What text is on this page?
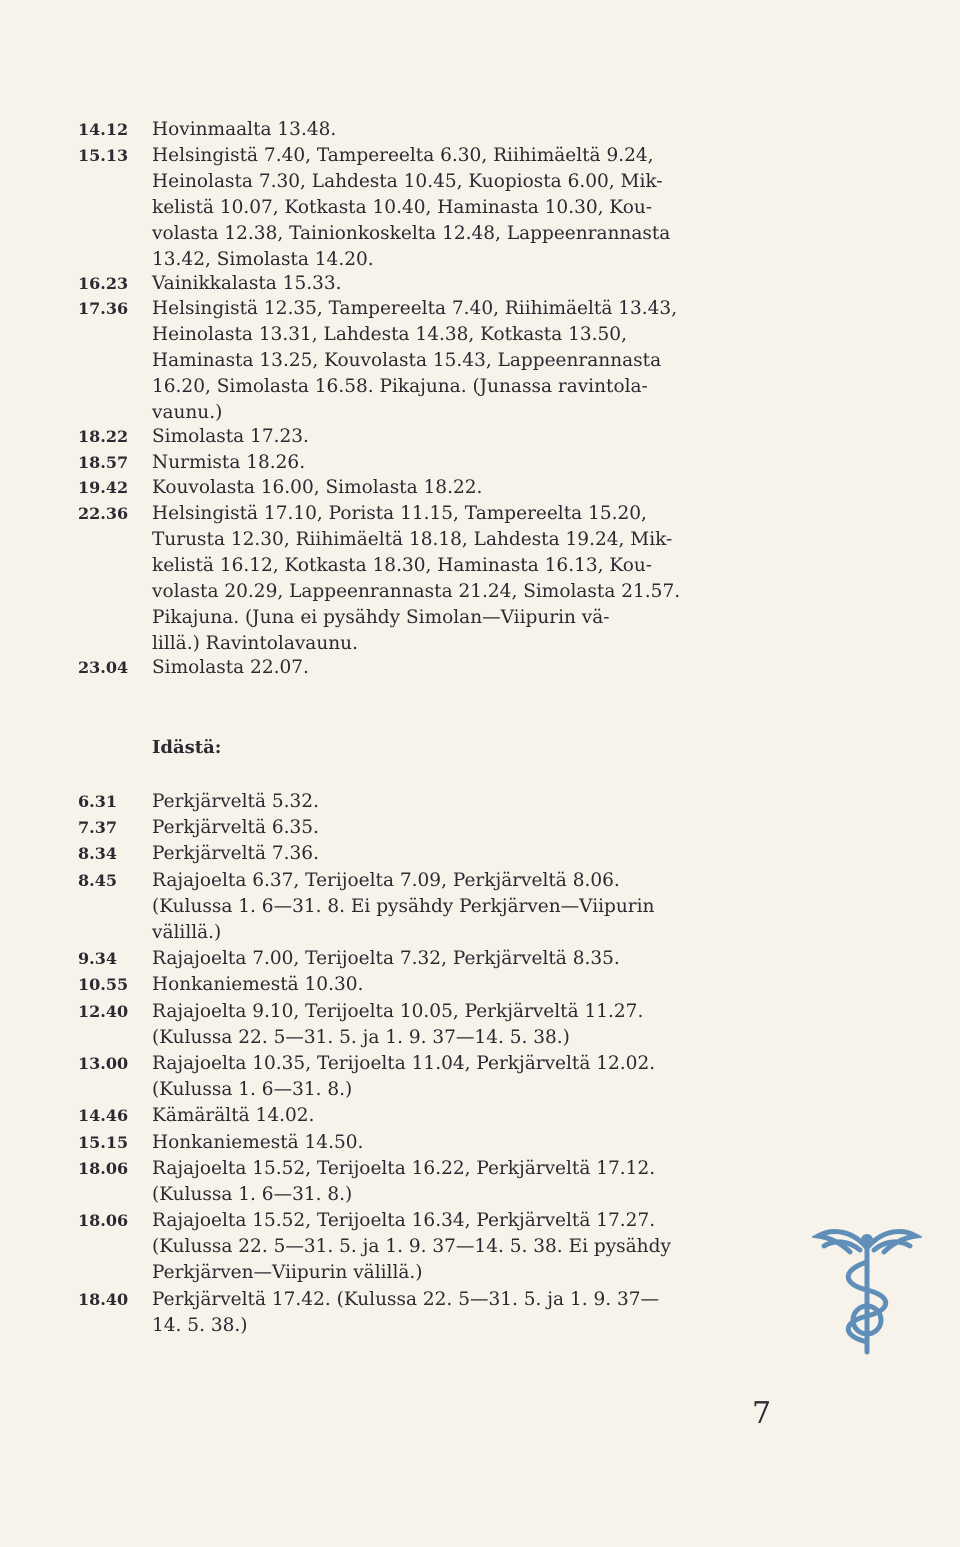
14.12 Hovinmaalta 13.48.
15.13 Helsingistä 7.40, Tampereelta 6.30, Riihimäeltä 9.24,
Heinolasta 7.30, Lahdesta 10.45, Kuopiosta 6.00, Mik-
kelistä 10.07, Kotkasta 10.40, Haminasta 10.30, Kou-
volasta 12.38, Tainionkoskelta 12.48, Lappeenrannasta
13.42, Simolasta 14.20.
16.23 Vainikkalasta 15.33.
17.36 Helsingistä 12.35, Tampereelta 7.40, Riihimäeltä 13.43,
Heinolasta 13.31, Lahdesta 14.38, Kotkasta 13.50,
Haminasta 13.25, Kouvolasta 15.43, Lappeenrannasta
16.20, Simolasta 16.58. Pikajuna. (Junassa ravintola-
vaunu.)
18.22 Simolasta 17.23.
18.57 Nurmista 18.26.
19.42 Kouvolasta 16.00, Simolasta 18.22.
22.36 Helsingistä 17.10, Porista 11.15, Tampereelta 15.20,
Turusta 12.30, Riihimäeltä 18.18, Lahdesta 19.24, Mik-
kelistä 16.12, Kotkasta 18.30, Haminasta 16.13, Kou-
volasta 20.29, Lappeenrannasta 21.24, Simolasta 21.57.
Pikajuna. (Juna ei pysähdy Simolan—Viipurin vä-
lillä.) Ravintolavaunu.
23.04 Simolasta 22.07.
Idästä:
6.31 Perkjärveltä 5.32.
7.37 Perkjärveltä 6.35.
8.34 Perkjärveltä 7.36.
8.45 Rajajoelta 6.37, Terijoelta 7.09, Perkjärveltä 8.06.
(Kulussa 1. 6—31. 8. Ei pysähdy Perkjärven—Viipurin
välillä.)
9.34 Rajajoelta 7.00, Terijoelta 7.32, Perkjärveltä 8.35.
10.55 Honkaniemestä 10.30.
12.40 Rajajoelta 9.10, Terijoelta 10.05, Perkjärveltä 11.27.
(Kulussa 22. 5—31. 5. ja 1. 9. 37—14. 5. 38.)
13.00 Rajajoelta 10.35, Terijoelta 11.04, Perkjärveltä 12.02.
(Kulussa 1. 6—31. 8.)
14.46 Kämärältä 14.02.
15.15 Honkaniemestä 14.50.
18.06 Rajajoelta 15.52, Terijoelta 16.22, Perkjärveltä 17.12.
(Kulussa 1. 6—31. 8.)
18.06 Rajajoelta 15.52, Terijoelta 16.34, Perkjärveltä 17.27.
(Kulussa 22. 5—31. 5. ja 1. 9. 37—14. 5. 38. Ei pysähdy
Perkjärven—Viipurin välillä.)
18.40 Perkjärveltä 17.42. (Kulussa 22. 5—31. 5. ja 1. 9. 37—
14. 5. 38.)
7
